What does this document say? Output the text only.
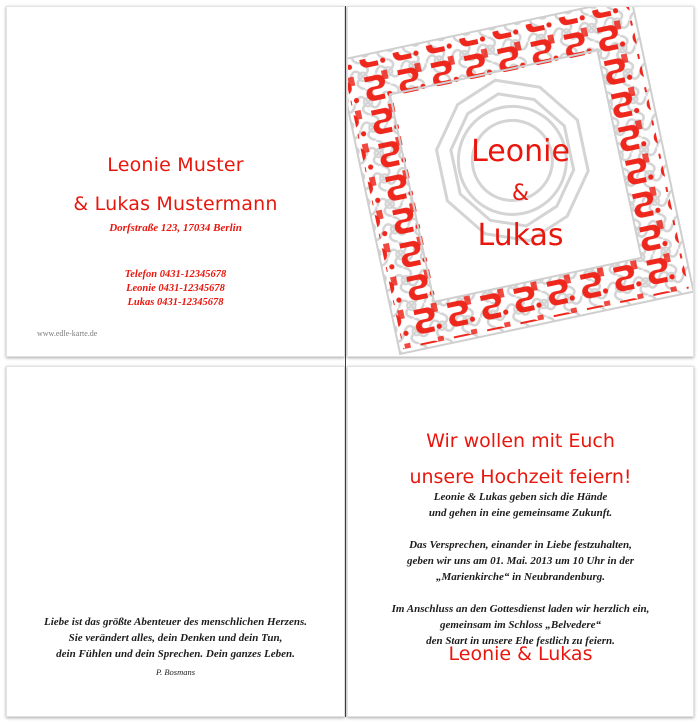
Leonie Muster
& Lukas Mustermann
Dorfstraße 123, 17034 Berlin
Telefon 0431-12345678
Leonie 0431-12345678
Lukas 0431-12345678
www.edle-karte.de
Leonie
&
Lukas
Liebe ist das größte Abenteuer des menschlichen Herzens.
Sie verändert alles, dein Denken und dein Tun,
dein Fühlen und dein Sprechen. Dein ganzes Leben.
P. Bosmans
Wir wollen mit Euch
unsere Hochzeit feiern!

Leonie & Lukas geben sich die Hände
und gehen in eine gemeinsame Zukunft.

Das Versprechen, einander in Liebe festzuhalten,
geben wir uns am 01. Mai. 2013 um 10 Uhr in der
„Marienkirche“ in Neubrandenburg.

Im Anschluss an den Gottesdienst laden wir herzlich ein,
gemeinsam im Schloss „Belvedere“
den Start in unsere Ehe festlich zu feiern.

Leonie & Lukas
